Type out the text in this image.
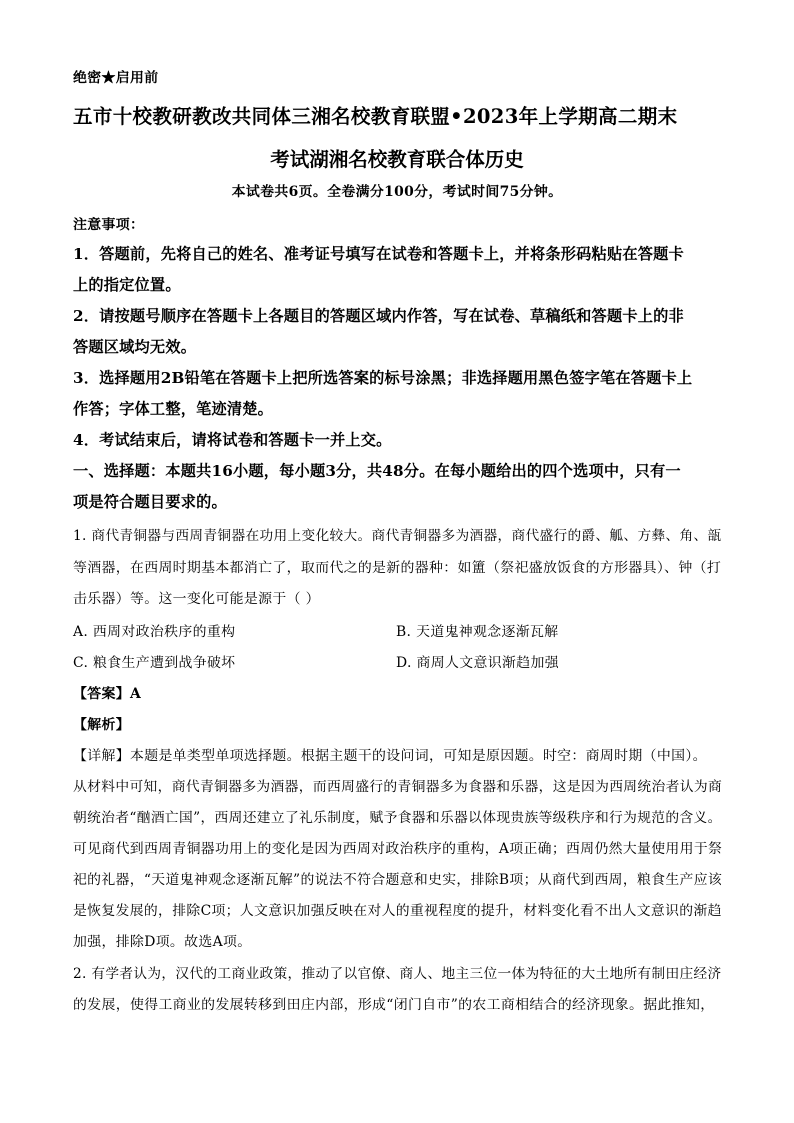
绝密★启用前
五市十校教研教改共同体三湘名校教育联盟•2023年上学期高二期末
考试湖湘名校教育联合体历史
本试卷共6页。全卷满分100分，考试时间75分钟。
注意事项：
1．答题前，先将自己的姓名、准考证号填写在试卷和答题卡上，并将条形码粘贴在答题卡
上的指定位置。
2．请按题号顺序在答题卡上各题目的答题区域内作答，写在试卷、草稿纸和答题卡上的非
答题区域均无效。
3．选择题用2B铅笔在答题卡上把所选答案的标号涂黑；非选择题用黑色签字笔在答题卡上
作答；字体工整，笔迹清楚。
4．考试结束后，请将试卷和答题卡一并上交。
一、选择题：本题共16小题，每小题3分，共48分。在每小题给出的四个选项中，只有一
项是符合题目要求的。
1. 商代青铜器与西周青铜器在功用上变化较大。商代青铜器多为酒器，商代盛行的爵、觚、方彝、角、瓿
等酒器，在西周时期基本都消亡了，取而代之的是新的器种：如簠（祭祀盛放饭食的方形器具）、钟（打
击乐器）等。这一变化可能是源于（ ）
A. 西周对政治秩序的重构	B. 天道鬼神观念逐渐瓦解
C. 粮食生产遭到战争破坏	D. 商周人文意识渐趋加强
【答案】A
【解析】
【详解】本题是单类型单项选择题。根据主题干的设问词，可知是原因题。时空：商周时期（中国）。
从材料中可知，商代青铜器多为酒器，而西周盛行的青铜器多为食器和乐器，这是因为西周统治者认为商
朝统治者“酗酒亡国”，西周还建立了礼乐制度，赋予食器和乐器以体现贵族等级秩序和行为规范的含义。
可见商代到西周青铜器功用上的变化是因为西周对政治秩序的重构，A项正确；西周仍然大量使用用于祭
祀的礼器，“天道鬼神观念逐渐瓦解”的说法不符合题意和史实，排除B项；从商代到西周，粮食生产应该
是恢复发展的，排除C项；人文意识加强反映在对人的重视程度的提升，材料变化看不出人文意识的渐趋
加强，排除D项。故选A项。
2. 有学者认为，汉代的工商业政策，推动了以官僚、商人、地主三位一体为特征的大土地所有制田庄经济
的发展，使得工商业的发展转移到田庄内部，形成“闭门自市”的农工商相结合的经济现象。据此推知，
